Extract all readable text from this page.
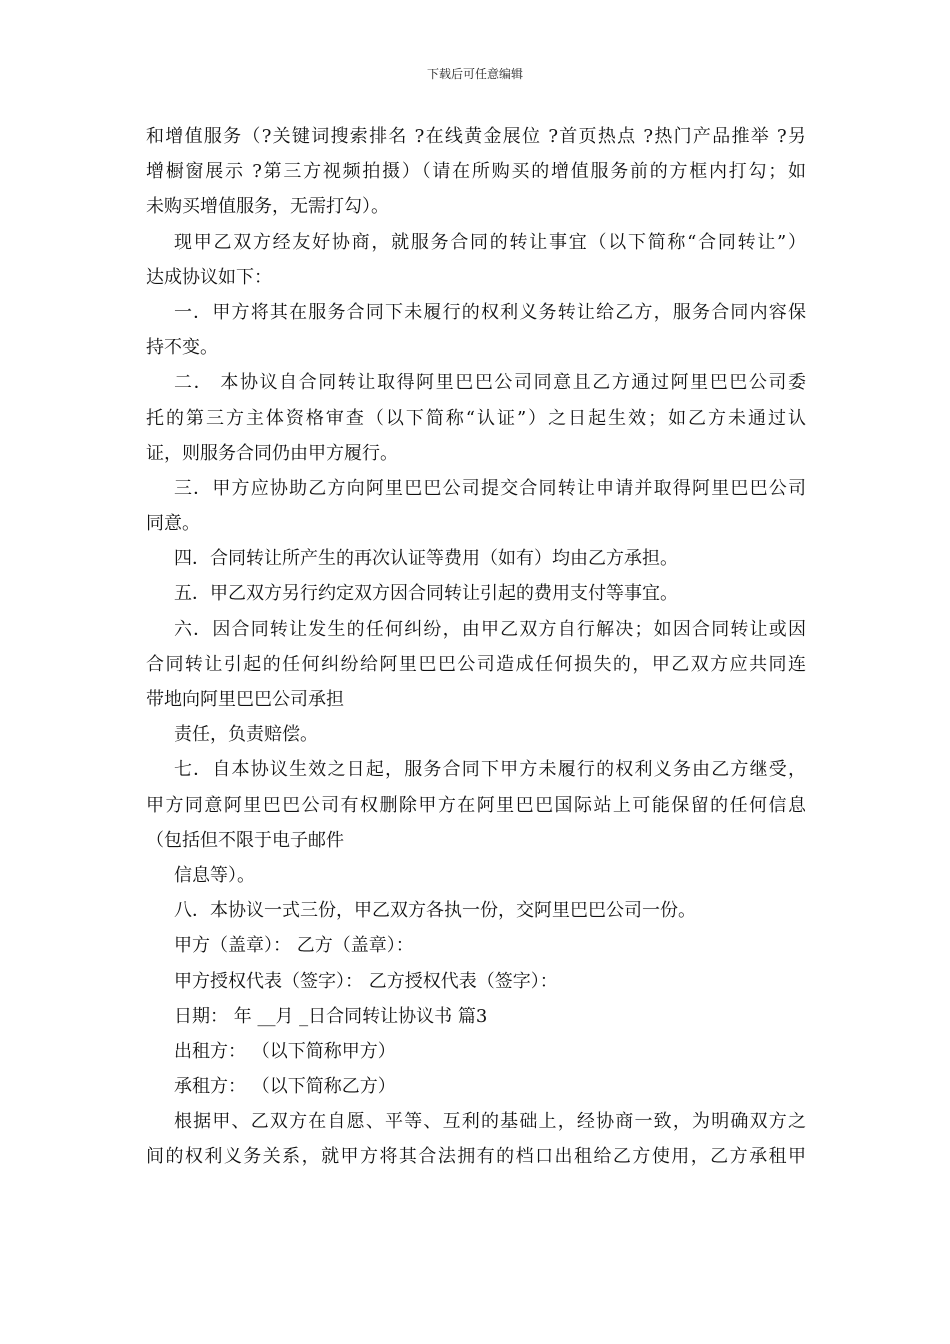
下载后可任意编辑
和增值服务（?关键词搜索排名 ?在线黄金展位 ?首页热点 ?热门产品推举 ?另
增橱窗展示 ?第三方视频拍摄）（请在所购买的增值服务前的方框内打勾；如
未购买增值服务，无需打勾）。
现甲乙双方经友好协商，就服务合同的转让事宜（以下简称“合同转让”）
达成协议如下：
一．甲方将其在服务合同下未履行的权利义务转让给乙方，服务合同内容保
持不变。
二． 本协议自合同转让取得阿里巴巴公司同意且乙方通过阿里巴巴公司委
托的第三方主体资格审查（以下简称“认证”）之日起生效；如乙方未通过认
证，则服务合同仍由甲方履行。
三．甲方应协助乙方向阿里巴巴公司提交合同转让申请并取得阿里巴巴公司
同意。
四．合同转让所产生的再次认证等费用（如有）均由乙方承担。
五．甲乙双方另行约定双方因合同转让引起的费用支付等事宜。
六．因合同转让发生的任何纠纷，由甲乙双方自行解决；如因合同转让或因
合同转让引起的任何纠纷给阿里巴巴公司造成任何损失的，甲乙双方应共同连
带地向阿里巴巴公司承担
责任，负责赔偿。
七．自本协议生效之日起，服务合同下甲方未履行的权利义务由乙方继受，
甲方同意阿里巴巴公司有权删除甲方在阿里巴巴国际站上可能保留的任何信息
（包括但不限于电子邮件
信息等）。
八．本协议一式三份，甲乙双方各执一份，交阿里巴巴公司一份。
甲方（盖章）： 乙方（盖章）：
甲方授权代表（签字）： 乙方授权代表（签字）：
日期： 年 __月 _日合同转让协议书 篇3
出租方： （以下简称甲方）
承租方： （以下简称乙方）
根据甲、乙双方在自愿、平等、互利的基础上，经协商一致，为明确双方之
间的权利义务关系，就甲方将其合法拥有的档口出租给乙方使用，乙方承租甲
